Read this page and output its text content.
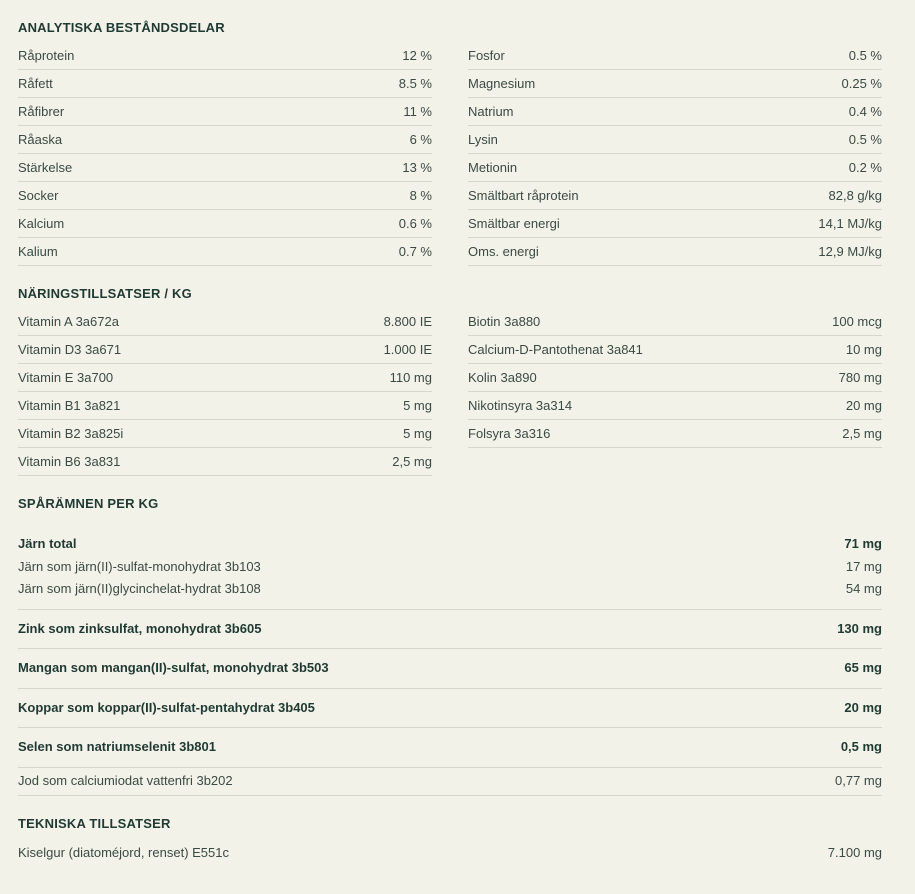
ANALYTISKA BESTÅNDSDELAR
Råprotein	12 %
Råfett	8.5 %
Råfibrer	11 %
Råaska	6 %
Stärkelse	13 %
Socker	8 %
Kalcium	0.6 %
Kalium	0.7 %
Fosfor	0.5 %
Magnesium	0.25 %
Natrium	0.4 %
Lysin	0.5 %
Metionin	0.2 %
Smältbart råprotein	82,8 g/kg
Smältbar energi	14,1 MJ/kg
Oms. energi	12,9 MJ/kg
NÄRINGSTILLSATSER / KG
Vitamin A 3a672a	8.800 IE
Vitamin D3 3a671	1.000 IE
Vitamin E 3a700	110 mg
Vitamin B1 3a821	5 mg
Vitamin B2 3a825i	5 mg
Vitamin B6 3a831	2,5 mg
Biotin 3a880	100 mcg
Calcium-D-Pantothenat 3a841	10 mg
Kolin 3a890	780 mg
Nikotinsyra 3a314	20 mg
Folsyra 3a316	2,5 mg
SPÅRÄMNEN PER KG
Järn total	71 mg
Järn som järn(II)-sulfat-monohydrat 3b103	17 mg
Järn som järn(II)glycinchelat-hydrat 3b108	54 mg
Zink som zinksulfat, monohydrat 3b605	130 mg
Mangan som mangan(II)-sulfat, monohydrat 3b503	65 mg
Koppar som koppar(II)-sulfat-pentahydrat 3b405	20 mg
Selen som natriumselenit 3b801	0,5 mg
Jod som calciumiodat vattenfri 3b202	0,77 mg
TEKNISKA TILLSATSER
Kiselgur (diatoméjord, renset) E551c	7.100 mg
